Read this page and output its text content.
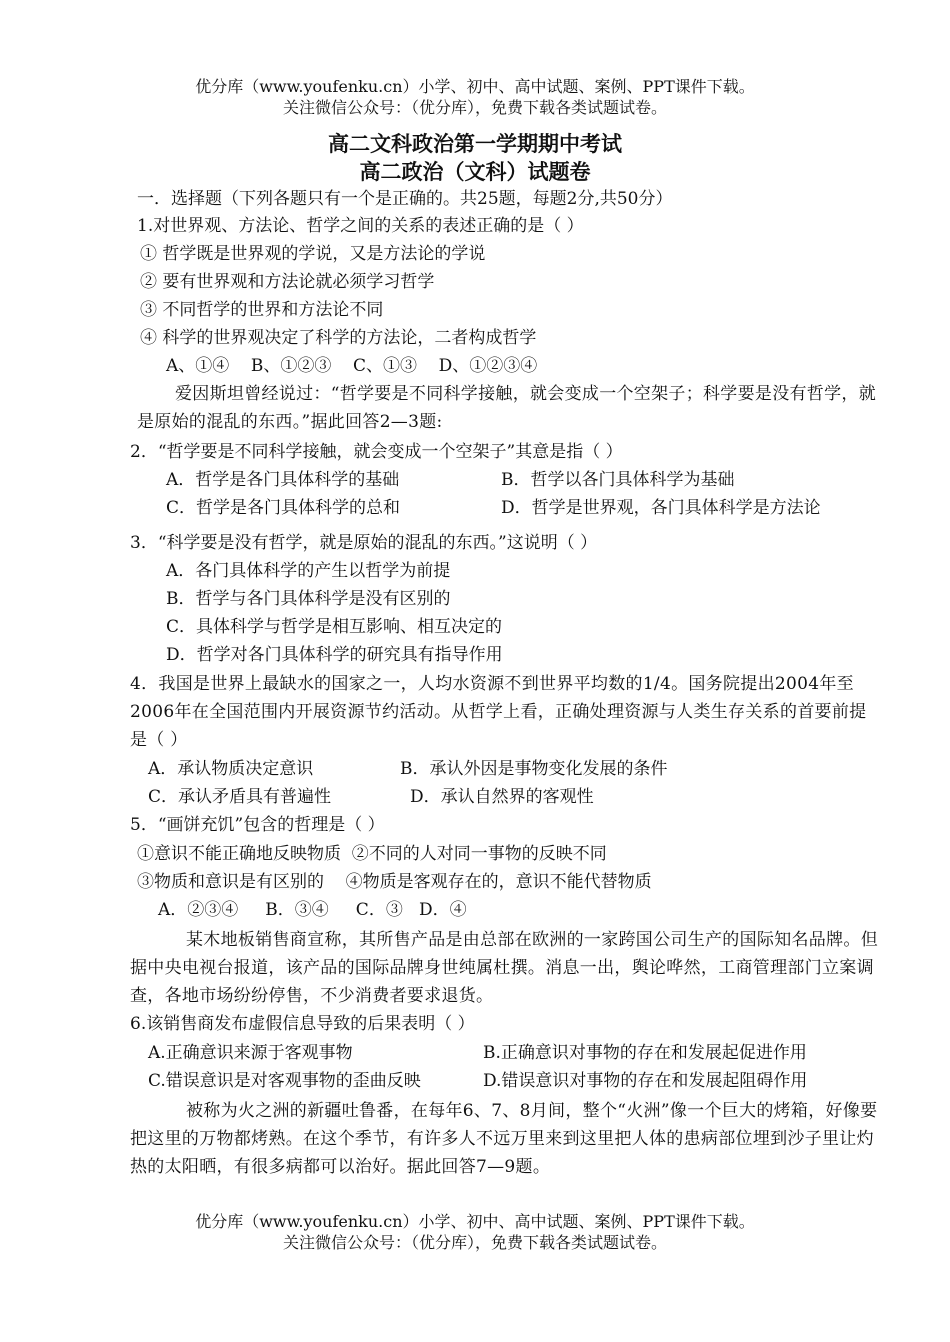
优分库（www.youfenku.cn）小学、初中、高中试题、案例、PPT课件下载。
关注微信公众号：（优分库），免费下载各类试题试卷。
高二文科政治第一学期期中考试
高二政治（文科）试题卷
一．选择题（下列各题只有一个是正确的。共25题，每题2分,共50分）
1.对世界观、方法论、哲学之间的关系的表述正确的是（ ）
① 哲学既是世界观的学说，又是方法论的学说
② 要有世界观和方法论就必须学习哲学
③ 不同哲学的世界和方法论不同
④ 科学的世界观决定了科学的方法论，二者构成哲学
A、①④    B、①②③    C、①③    D、①②③④
爱因斯坦曾经说过：“哲学要是不同科学接触，就会变成一个空架子；科学要是没有哲学，就是原始的混乱的东西。”据此回答2—3题:
2．“哲学要是不同科学接触，就会变成一个空架子”其意是指（ ）
A．哲学是各门具体科学的基础	B．哲学以各门具体科学为基础
C．哲学是各门具体科学的总和	D．哲学是世界观，各门具体科学是方法论
3．“科学要是没有哲学，就是原始的混乱的东西。”这说明（ ）
A．各门具体科学的产生以哲学为前提
B．哲学与各门具体科学是没有区别的
C．具体科学与哲学是相互影响、相互决定的
D．哲学对各门具体科学的研究具有指导作用
4．我国是世界上最缺水的国家之一，人均水资源不到世界平均数的1/4。国务院提出2004年至2006年在全国范围内开展资源节约活动。从哲学上看，正确处理资源与人类生存关系的首要前提是（ ）
A．承认物质决定意识	B．承认外因是事物变化发展的条件
C．承认矛盾具有普遍性	D．承认自然界的客观性
5．“画饼充饥”包含的哲理是（ ）
①意识不能正确地反映物质  ②不同的人对同一事物的反映不同
③物质和意识是有区别的    ④物质是客观存在的，意识不能代替物质
A．②③④     B．③④     C．③   D．④
某木地板销售商宣称，其所售产品是由总部在欧洲的一家跨国公司生产的国际知名品牌。但据中央电视台报道，该产品的国际品牌身世纯属杜撰。消息一出，舆论哗然，工商管理部门立案调查，各地市场纷纷停售，不少消费者要求退货。
6.该销售商发布虚假信息导致的后果表明（ ）
A.正确意识来源于客观事物	B.正确意识对事物的存在和发展起促进作用
C.错误意识是对客观事物的歪曲反映	D.错误意识对事物的存在和发展起阻碍作用
被称为火之洲的新疆吐鲁番，在每年6、7、8月间，整个“火洲”像一个巨大的烤箱，好像要把这里的万物都烤熟。在这个季节，有许多人不远万里来到这里把人体的患病部位埋到沙子里让灼热的太阳晒，有很多病都可以治好。据此回答7—9题。
优分库（www.youfenku.cn）小学、初中、高中试题、案例、PPT课件下载。
关注微信公众号：（优分库），免费下载各类试题试卷。
